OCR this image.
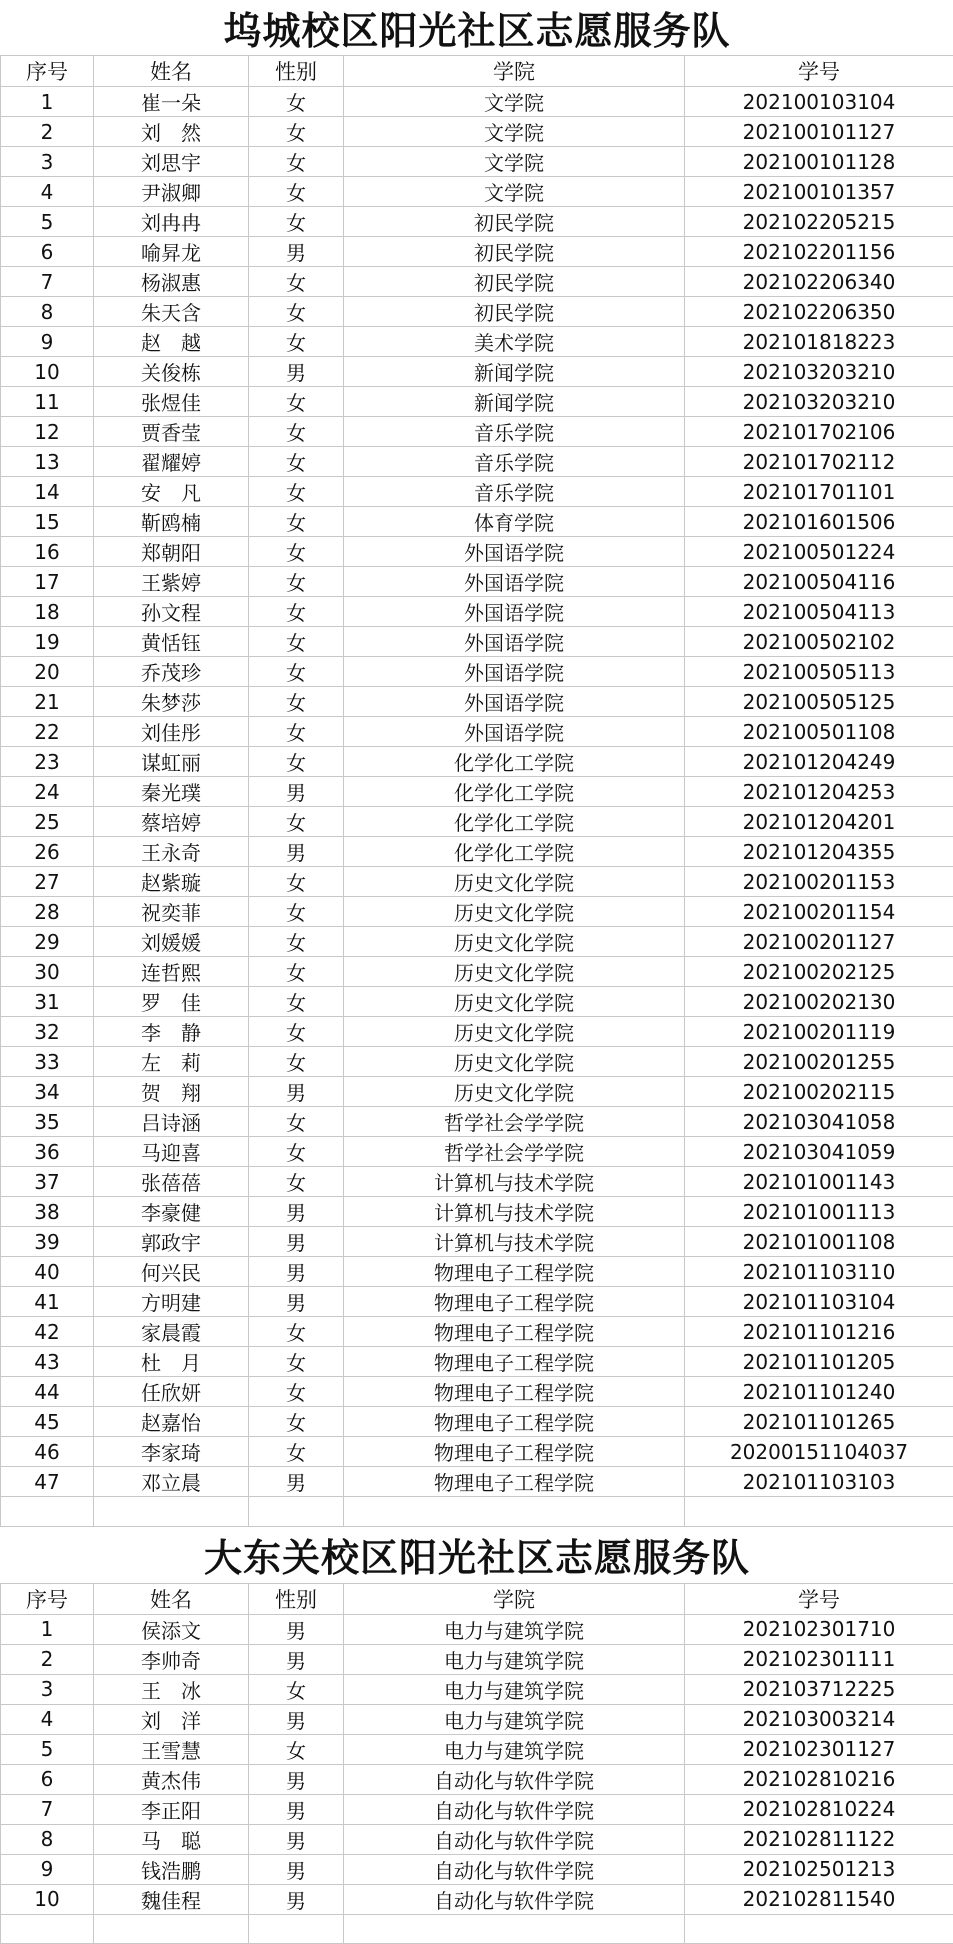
坞城校区阳光社区志愿服务队				
序号	姓名	性别	学院	学号
1	崔一朵	女	文学院	202100103104
2	刘　然	女	文学院	202100101127
3	刘思宇	女	文学院	202100101128
4	尹淑卿	女	文学院	202100101357
5	刘冉冉	女	初民学院	202102205215
6	喻昇龙	男	初民学院	202102201156
7	杨淑惠	女	初民学院	202102206340
8	朱天含	女	初民学院	202102206350
9	赵　越	女	美术学院	202101818223
10	关俊栋	男	新闻学院	202103203210
11	张煜佳	女	新闻学院	202103203210
12	贾香莹	女	音乐学院	202101702106
13	翟耀婷	女	音乐学院	202101702112
14	安　凡	女	音乐学院	202101701101
15	靳鸥楠	女	体育学院	202101601506
16	郑朝阳	女	外国语学院	202100501224
17	王紫婷	女	外国语学院	202100504116
18	孙文程	女	外国语学院	202100504113
19	黄恬钰	女	外国语学院	202100502102
20	乔茂珍	女	外国语学院	202100505113
21	朱梦莎	女	外国语学院	202100505125
22	刘佳彤	女	外国语学院	202100501108
23	谋虹丽	女	化学化工学院	202101204249
24	秦光璞	男	化学化工学院	202101204253
25	蔡培婷	女	化学化工学院	202101204201
26	王永奇	男	化学化工学院	202101204355
27	赵紫璇	女	历史文化学院	202100201153
28	祝奕菲	女	历史文化学院	202100201154
29	刘媛媛	女	历史文化学院	202100201127
30	连哲熙	女	历史文化学院	202100202125
31	罗　佳	女	历史文化学院	202100202130
32	李　静	女	历史文化学院	202100201119
33	左　莉	女	历史文化学院	202100201255
34	贺　翔	男	历史文化学院	202100202115
35	吕诗涵	女	哲学社会学学院	202103041058
36	马迎喜	女	哲学社会学学院	202103041059
37	张蓓蓓	女	计算机与技术学院	202101001143
38	李豪健	男	计算机与技术学院	202101001113
39	郭政宇	男	计算机与技术学院	202101001108
40	何兴民	男	物理电子工程学院	202101103110
41	方明建	男	物理电子工程学院	202101103104
42	家晨霞	女	物理电子工程学院	202101101216
43	杜　月	女	物理电子工程学院	202101101205
44	任欣妍	女	物理电子工程学院	202101101240
45	赵嘉怡	女	物理电子工程学院	202101101265
46	李家琦	女	物理电子工程学院	20200151104037
47	邓立晨	男	物理电子工程学院	202101103103

大东关校区阳光社区志愿服务队				
序号	姓名	性别	学院	学号
1	侯添文	男	电力与建筑学院	202102301710
2	李帅奇	男	电力与建筑学院	202102301111
3	王　冰	女	电力与建筑学院	202103712225
4	刘　洋	男	电力与建筑学院	202103003214
5	王雪慧	女	电力与建筑学院	202102301127
6	黄杰伟	男	自动化与软件学院	202102810216
7	李正阳	男	自动化与软件学院	202102810224
8	马　聪	男	自动化与软件学院	202102811122
9	钱浩鹏	男	自动化与软件学院	202102501213
10	魏佳程	男	自动化与软件学院	202102811540
